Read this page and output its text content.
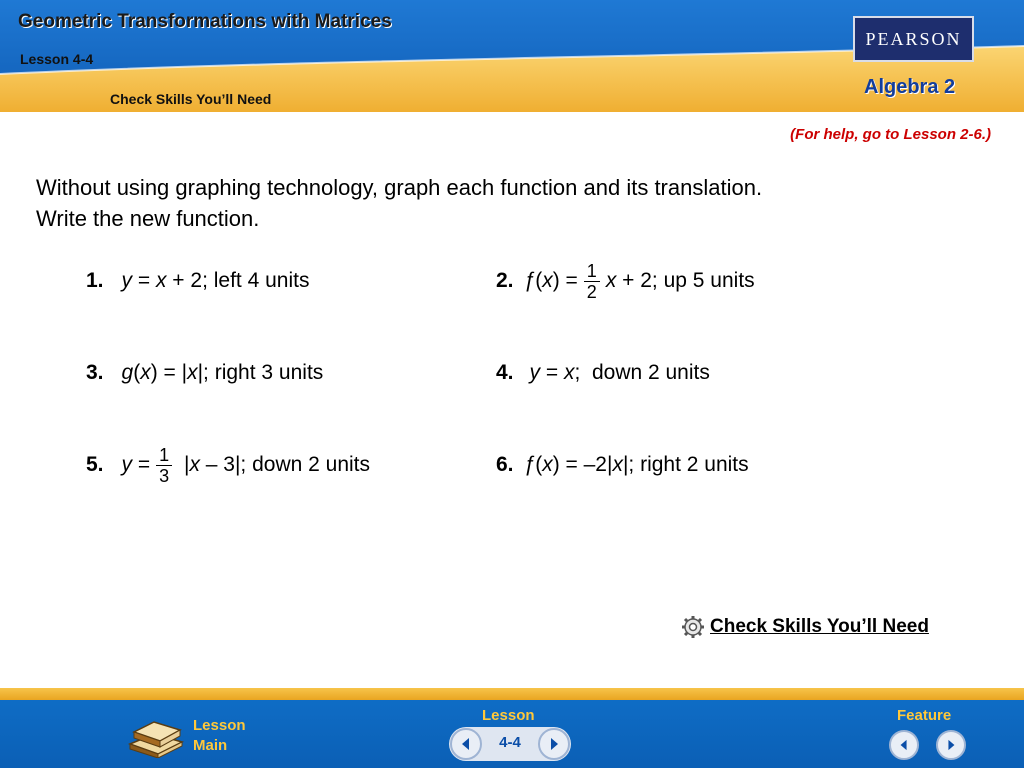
Geometric Transformations with Matrices
Lesson 4-4
Check Skills You’ll Need
PEARSON
Algebra 2
(For help, go to Lesson 2-6.)
Without using graphing technology, graph each function and its translation.
Write the new function.
1. y = x + 2; left 4 units	2. ƒ ( x ) = $\frac{1}{2}$ x + 2; up 5 units
3. g ( x ) = | x |; right 3 units	4. y = x ;  down 2 units
5. $y = \frac{1}{3}$ | x – 3|; down 2 units	6. ƒ ( x ) = –2| x |; right 2 units
Check Skills You’ll Need
Lesson
Main
Lesson
4-4
Feature
